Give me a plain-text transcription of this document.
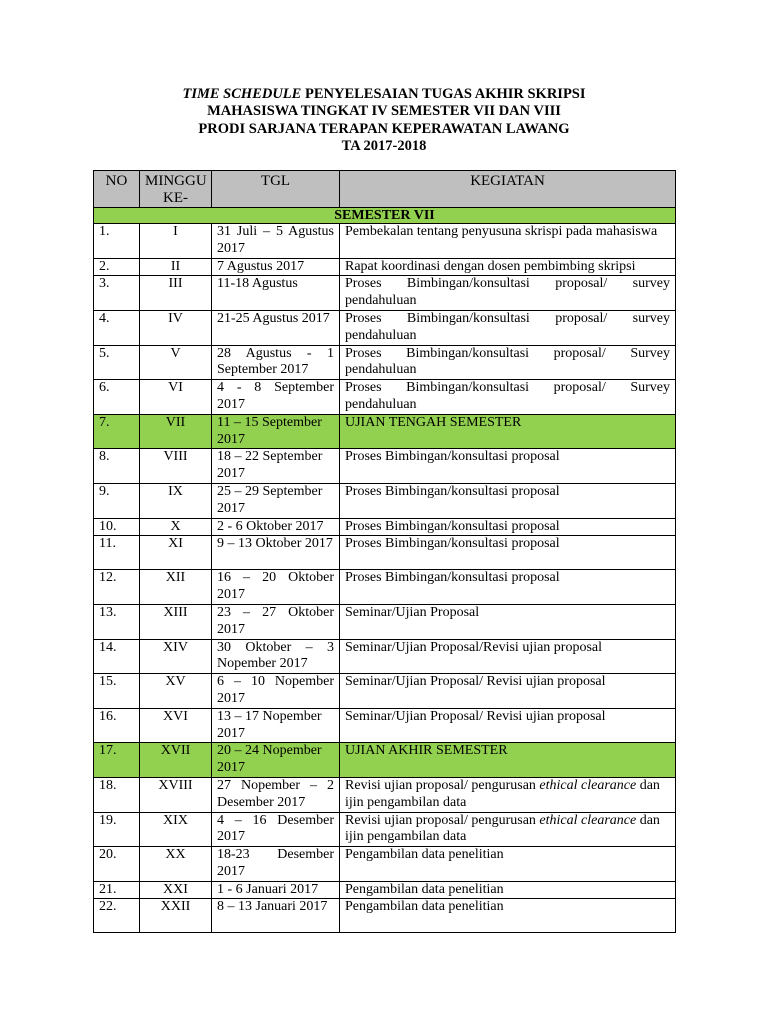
TIME SCHEDULE PENYELESAIAN TUGAS AKHIR SKRIPSI
MAHASISWA TINGKAT IV SEMESTER VII DAN VIII
PRODI SARJANA TERAPAN KEPERAWATAN LAWANG
TA 2017-2018
NO	MINGGU KE-	TGL	KEGIATAN
SEMESTER VII			
1.	I	31 Juli – 5 Agustus 2017	Pembekalan tentang penyusuna skrispi pada mahasiswa
2.	II	7 Agustus 2017	Rapat koordinasi dengan dosen pembimbing skripsi
3.	III	11-18 Agustus	Proses Bimbingan/konsultasi proposal/ survey pendahuluan
4.	IV	21-25 Agustus 2017	Proses Bimbingan/konsultasi proposal/ survey pendahuluan
5.	V	28 Agustus - 1 September 2017	Proses Bimbingan/konsultasi proposal/ Survey pendahuluan
6.	VI	4 - 8 September 2017	Proses Bimbingan/konsultasi proposal/ Survey pendahuluan
7.	VII	11 – 15 September 2017	UJIAN TENGAH SEMESTER
8.	VIII	18 – 22 September 2017	Proses Bimbingan/konsultasi proposal
9.	IX	25 – 29 September 2017	Proses Bimbingan/konsultasi proposal
10.	X	2 - 6 Oktober 2017	Proses Bimbingan/konsultasi proposal
11.	XI	9 – 13 Oktober 2017	Proses Bimbingan/konsultasi proposal
12.	XII	16 – 20 Oktober 2017	Proses Bimbingan/konsultasi proposal
13.	XIII	23 – 27 Oktober 2017	Seminar/Ujian Proposal
14.	XIV	30 Oktober – 3 Nopember 2017	Seminar/Ujian Proposal/Revisi ujian proposal
15.	XV	6 – 10 Nopember 2017	Seminar/Ujian Proposal/ Revisi ujian proposal
16.	XVI	13 – 17 Nopember 2017	Seminar/Ujian Proposal/ Revisi ujian proposal
17.	XVII	20 – 24 Nopember 2017	UJIAN AKHIR SEMESTER
18.	XVIII	27 Nopember – 2 Desember 2017	Revisi ujian proposal/ pengurusan ethical clearance dan ijin pengambilan data
19.	XIX	4 – 16 Desember 2017	Revisi ujian proposal/ pengurusan ethical clearance dan ijin pengambilan data
20.	XX	18-23 Desember 2017	Pengambilan data penelitian
21.	XXI	1 - 6 Januari 2017	Pengambilan data penelitian
22.	XXII	8 – 13 Januari 2017	Pengambilan data penelitian
